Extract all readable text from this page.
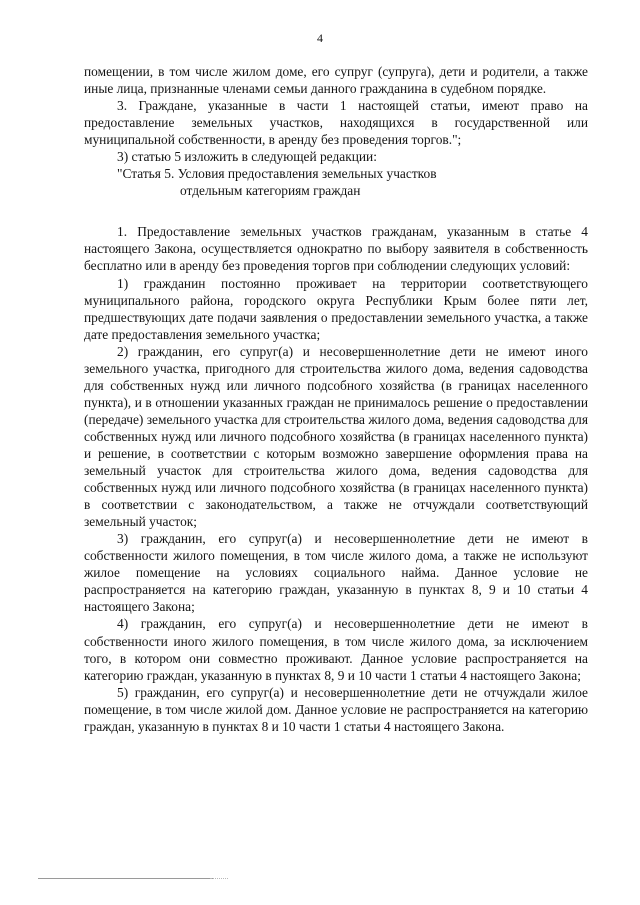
4

помещении, в том числе жилом доме, его супруг (супруга), дети и родители, а также иные лица, признанные членами семьи данного гражданина в судебном порядке.

3. Граждане, указанные в части 1 настоящей статьи, имеют право на предоставление земельных участков, находящихся в государственной или муниципальной собственности, в аренду без проведения торгов.";

3) статью 5 изложить в следующей редакции:

"Статья 5. Условия предоставления земельных участков

отдельным категориям граждан

1. Предоставление земельных участков гражданам, указанным в статье 4 настоящего Закона, осуществляется однократно по выбору заявителя в собственность бесплатно или в аренду без проведения торгов при соблюдении следующих условий:

1) гражданин постоянно проживает на территории соответствующего муниципального района, городского округа Республики Крым более пяти лет, предшествующих дате подачи заявления о предоставлении земельного участка, а также дате предоставления земельного участка;

2) гражданин, его супруг(а) и несовершеннолетние дети не имеют иного земельного участка, пригодного для строительства жилого дома, ведения садоводства для собственных нужд или личного подсобного хозяйства (в границах населенного пункта), и в отношении указанных граждан не принималось решение о предоставлении (передаче) земельного участка для строительства жилого дома, ведения садоводства для собственных нужд или личного подсобного хозяйства (в границах населенного пункта) и решение, в соответствии с которым возможно завершение оформления права на земельный участок для строительства жилого дома, ведения садоводства для собственных нужд или личного подсобного хозяйства (в границах населенного пункта) в соответствии с законодательством, а также не отчуждали соответствующий земельный участок;

3) гражданин, его супруг(а) и несовершеннолетние дети не имеют в собственности жилого помещения, в том числе жилого дома, а также не используют жилое помещение на условиях социального найма. Данное условие не распространяется на категорию граждан, указанную в пунктах 8, 9 и 10 статьи 4 настоящего Закона;

4) гражданин, его супруг(а) и несовершеннолетние дети не имеют в собственности иного жилого помещения, в том числе жилого дома, за исключением того, в котором они совместно проживают. Данное условие распространяется на категорию граждан, указанную в пунктах 8, 9 и 10 части 1 статьи 4 настоящего Закона;

5) гражданин, его супруг(а) и несовершеннолетние дети не отчуждали жилое помещение, в том числе жилой дом. Данное условие не распространяется на категорию граждан, указанную в пунктах 8 и 10 части 1 статьи 4 настоящего Закона.
